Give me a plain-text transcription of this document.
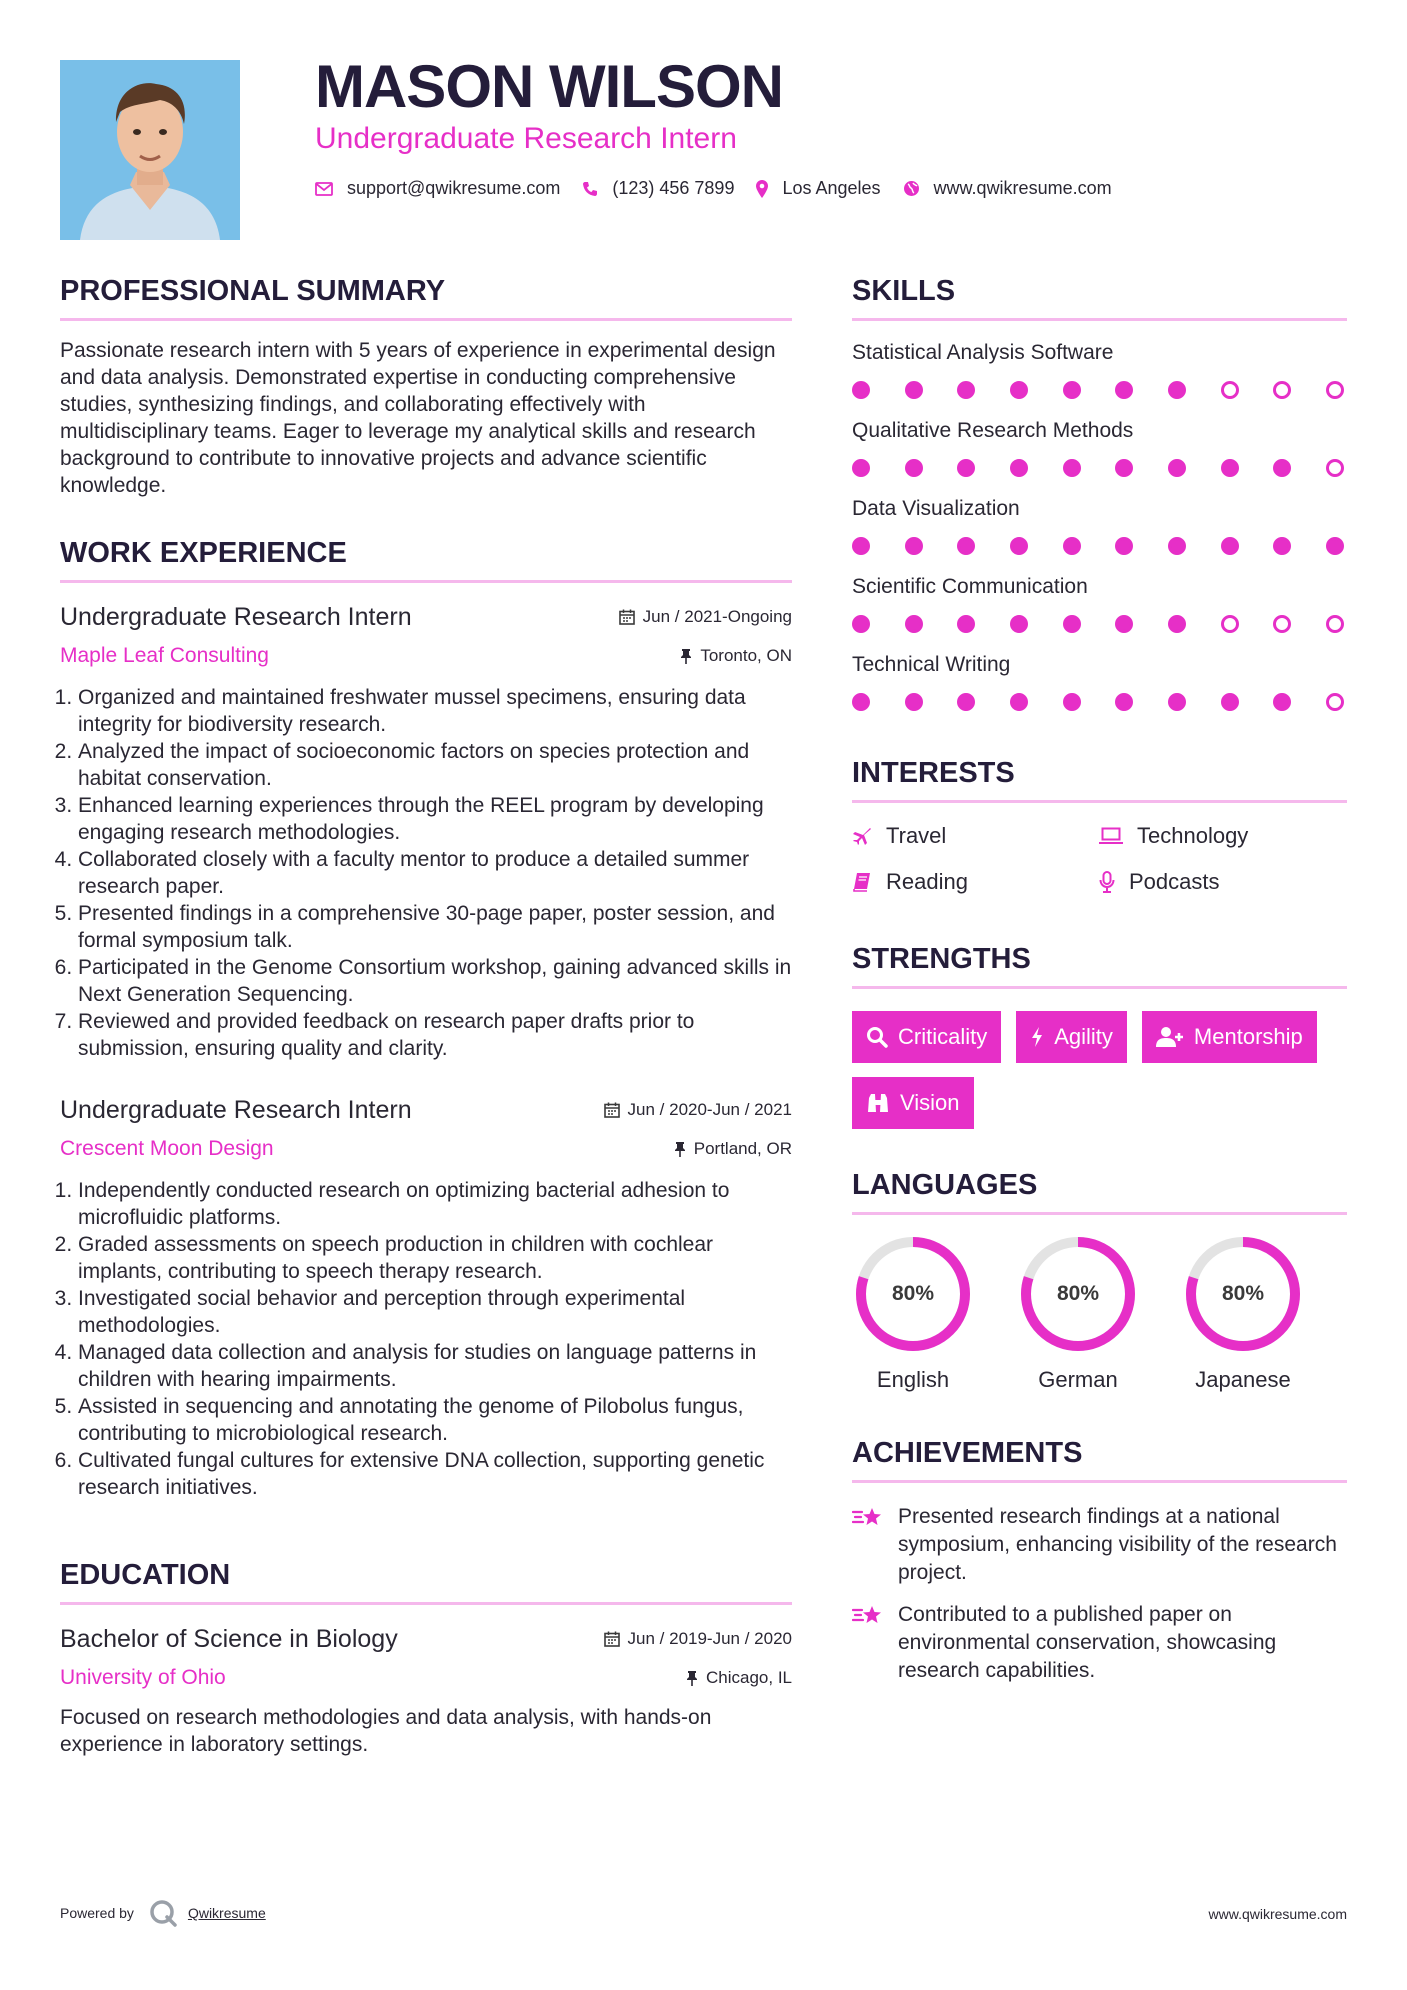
MASON WILSON
Undergraduate Research Intern
support@qwikresume.com	(123) 456 7899	Los Angeles	www.qwikresume.com
PROFESSIONAL SUMMARY
Passionate research intern with 5 years of experience in experimental design and data analysis. Demonstrated expertise in conducting comprehensive studies, synthesizing findings, and collaborating effectively with multidisciplinary teams. Eager to leverage my analytical skills and research background to contribute to innovative projects and advance scientific knowledge.
WORK EXPERIENCE
Undergraduate Research Intern	Jun / 2021-Ongoing
Maple Leaf Consulting	Toronto, ON
1. Organized and maintained freshwater mussel specimens, ensuring data integrity for biodiversity research.
2. Analyzed the impact of socioeconomic factors on species protection and habitat conservation.
3. Enhanced learning experiences through the REEL program by developing engaging research methodologies.
4. Collaborated closely with a faculty mentor to produce a detailed summer research paper.
5. Presented findings in a comprehensive 30-page paper, poster session, and formal symposium talk.
6. Participated in the Genome Consortium workshop, gaining advanced skills in Next Generation Sequencing.
7. Reviewed and provided feedback on research paper drafts prior to submission, ensuring quality and clarity.
Undergraduate Research Intern	Jun / 2020-Jun / 2021
Crescent Moon Design	Portland, OR
1. Independently conducted research on optimizing bacterial adhesion to microfluidic platforms.
2. Graded assessments on speech production in children with cochlear implants, contributing to speech therapy research.
3. Investigated social behavior and perception through experimental methodologies.
4. Managed data collection and analysis for studies on language patterns in children with hearing impairments.
5. Assisted in sequencing and annotating the genome of Pilobolus fungus, contributing to microbiological research.
6. Cultivated fungal cultures for extensive DNA collection, supporting genetic research initiatives.
EDUCATION
Bachelor of Science in Biology	Jun / 2019-Jun / 2020
University of Ohio	Chicago, IL
Focused on research methodologies and data analysis, with hands-on experience in laboratory settings.
SKILLS
Statistical Analysis Software
Qualitative Research Methods
Data Visualization
Scientific Communication
Technical Writing
INTERESTS
Travel	Technology
Reading	Podcasts
STRENGTHS
Criticality	Agility	Mentorship
Vision
LANGUAGES
80%
English
80%
German
80%
Japanese
ACHIEVEMENTS
Presented research findings at a national symposium, enhancing visibility of the research project.
Contributed to a published paper on environmental conservation, showcasing research capabilities.
Powered by	Qwikresume	www.qwikresume.com
